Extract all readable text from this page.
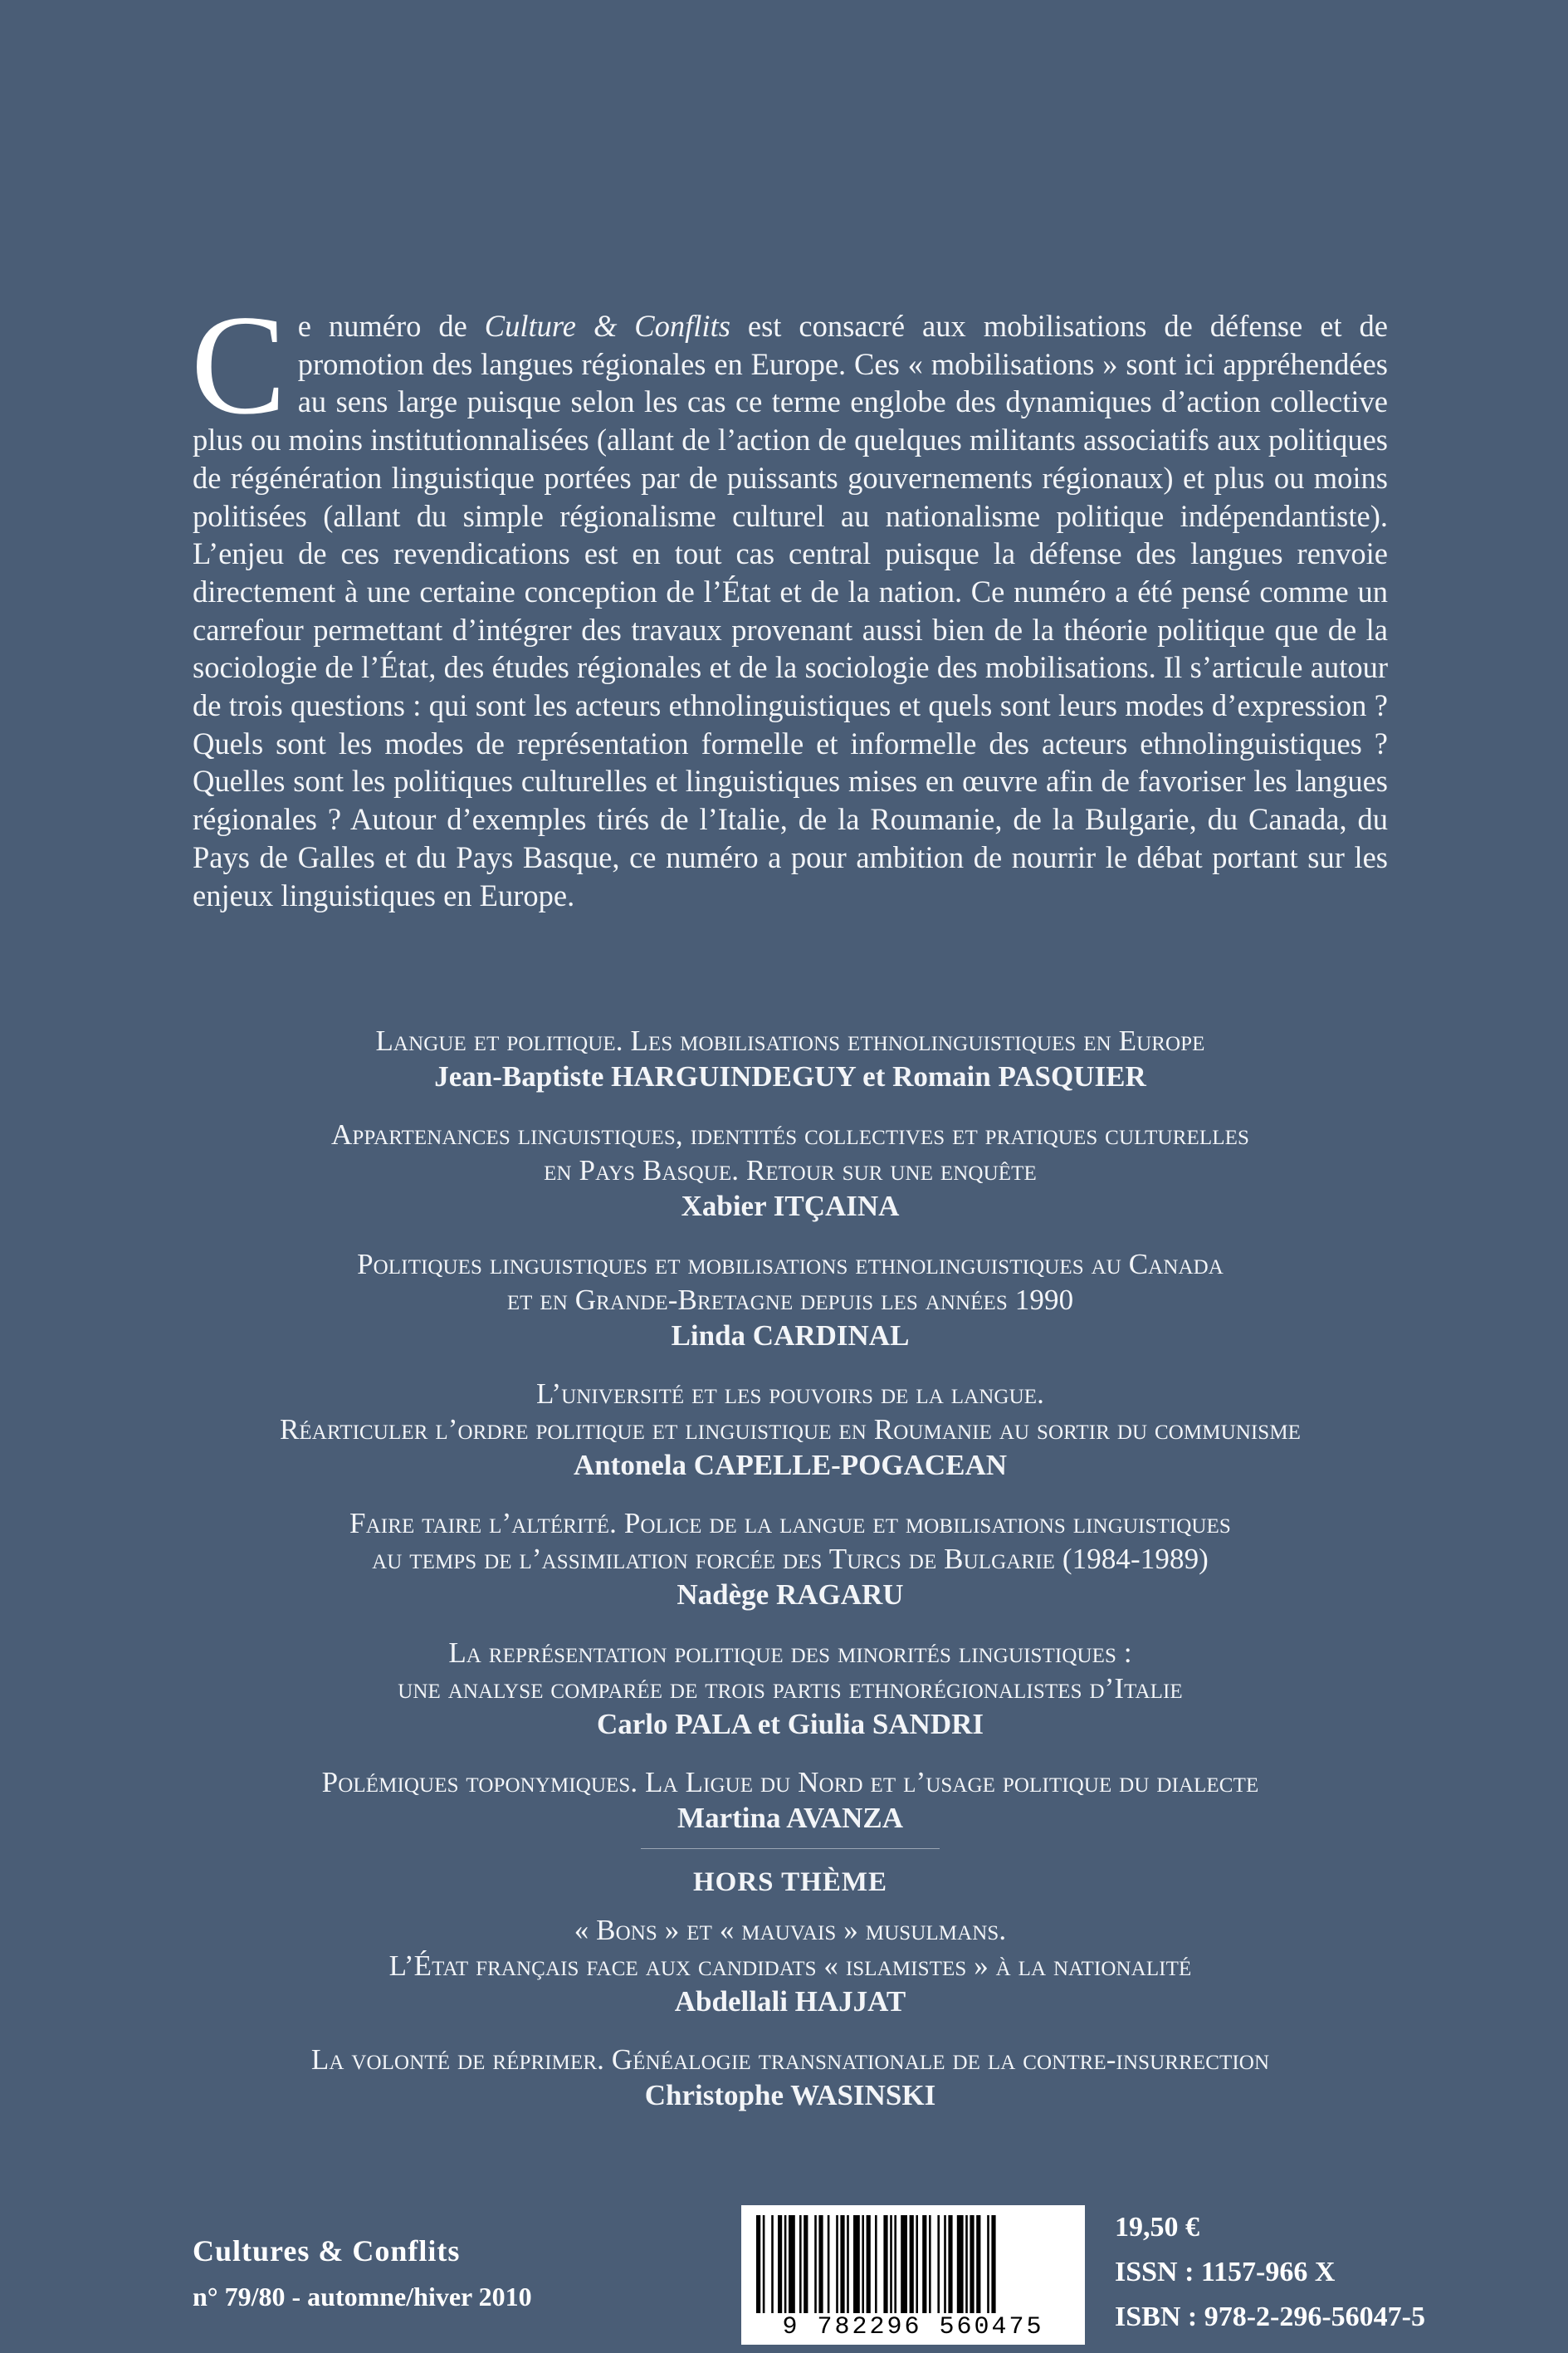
Ce numéro de Culture & Conflits est consacré aux mobilisations de défense et de promotion des langues régionales en Europe. Ces « mobilisations » sont ici appréhendées au sens large puisque selon les cas ce terme englobe des dynamiques d’action collective plus ou moins institutionnalisées (allant de l’action de quelques militants associatifs aux politiques de régénération linguistique portées par de puissants gouvernements régionaux) et plus ou moins politisées (allant du simple régionalisme culturel au nationalisme politique indépendantiste). L’enjeu de ces revendications est en tout cas central puisque la défense des langues renvoie directement à une certaine conception de l’État et de la nation. Ce numéro a été pensé comme un carrefour permettant d’intégrer des travaux provenant aussi bien de la théorie politique que de la sociologie de l’État, des études régionales et de la sociologie des mobilisations. Il s’articule autour de trois questions : qui sont les acteurs ethnolinguistiques et quels sont leurs modes d’expression ? Quels sont les modes de représentation formelle et informelle des acteurs ethnolinguistiques ? Quelles sont les politiques culturelles et linguistiques mises en œuvre afin de favoriser les langues régionales ? Autour d’exemples tirés de l’Italie, de la Roumanie, de la Bulgarie, du Canada, du Pays de Galles et du Pays Basque, ce numéro a pour ambition de nourrir le débat portant sur les enjeux linguistiques en Europe.
Langue et politique. Les mobilisations ethnolinguistiques en Europe
Jean-Baptiste HARGUINDEGUY et Romain PASQUIER
Appartenances linguistiques, identités collectives et pratiques culturelles
en Pays Basque. Retour sur une enquête
Xabier ITÇAINA
Politiques linguistiques et mobilisations ethnolinguistiques au Canada
et en Grande-Bretagne depuis les années 1990
Linda CARDINAL
L’université et les pouvoirs de la langue.
Réarticuler l’ordre politique et linguistique en Roumanie au sortir du communisme
Antonela CAPELLE-POGACEAN
Faire taire l’altérité. Police de la langue et mobilisations linguistiques
au temps de l’assimilation forcée des Turcs de Bulgarie (1984-1989)
Nadège RAGARU
La représentation politique des minorités linguistiques :
une analyse comparée de trois partis ethnorégionalistes d’Italie
Carlo PALA et Giulia SANDRI
Polémiques toponymiques. La Ligue du Nord et l’usage politique du dialecte
Martina AVANZA
HORS THÈME
« Bons » et « mauvais » musulmans.
L’État français face aux candidats « islamistes » à la nationalité
Abdellali HAJJAT
La volonté de réprimer. Généalogie transnationale de la contre-insurrection
Christophe WASINSKI
Cultures & Conflits
n° 79/80 - automne/hiver 2010
9 782296 560475
19,50 €
ISSN : 1157-966 X
ISBN : 978-2-296-56047-5
